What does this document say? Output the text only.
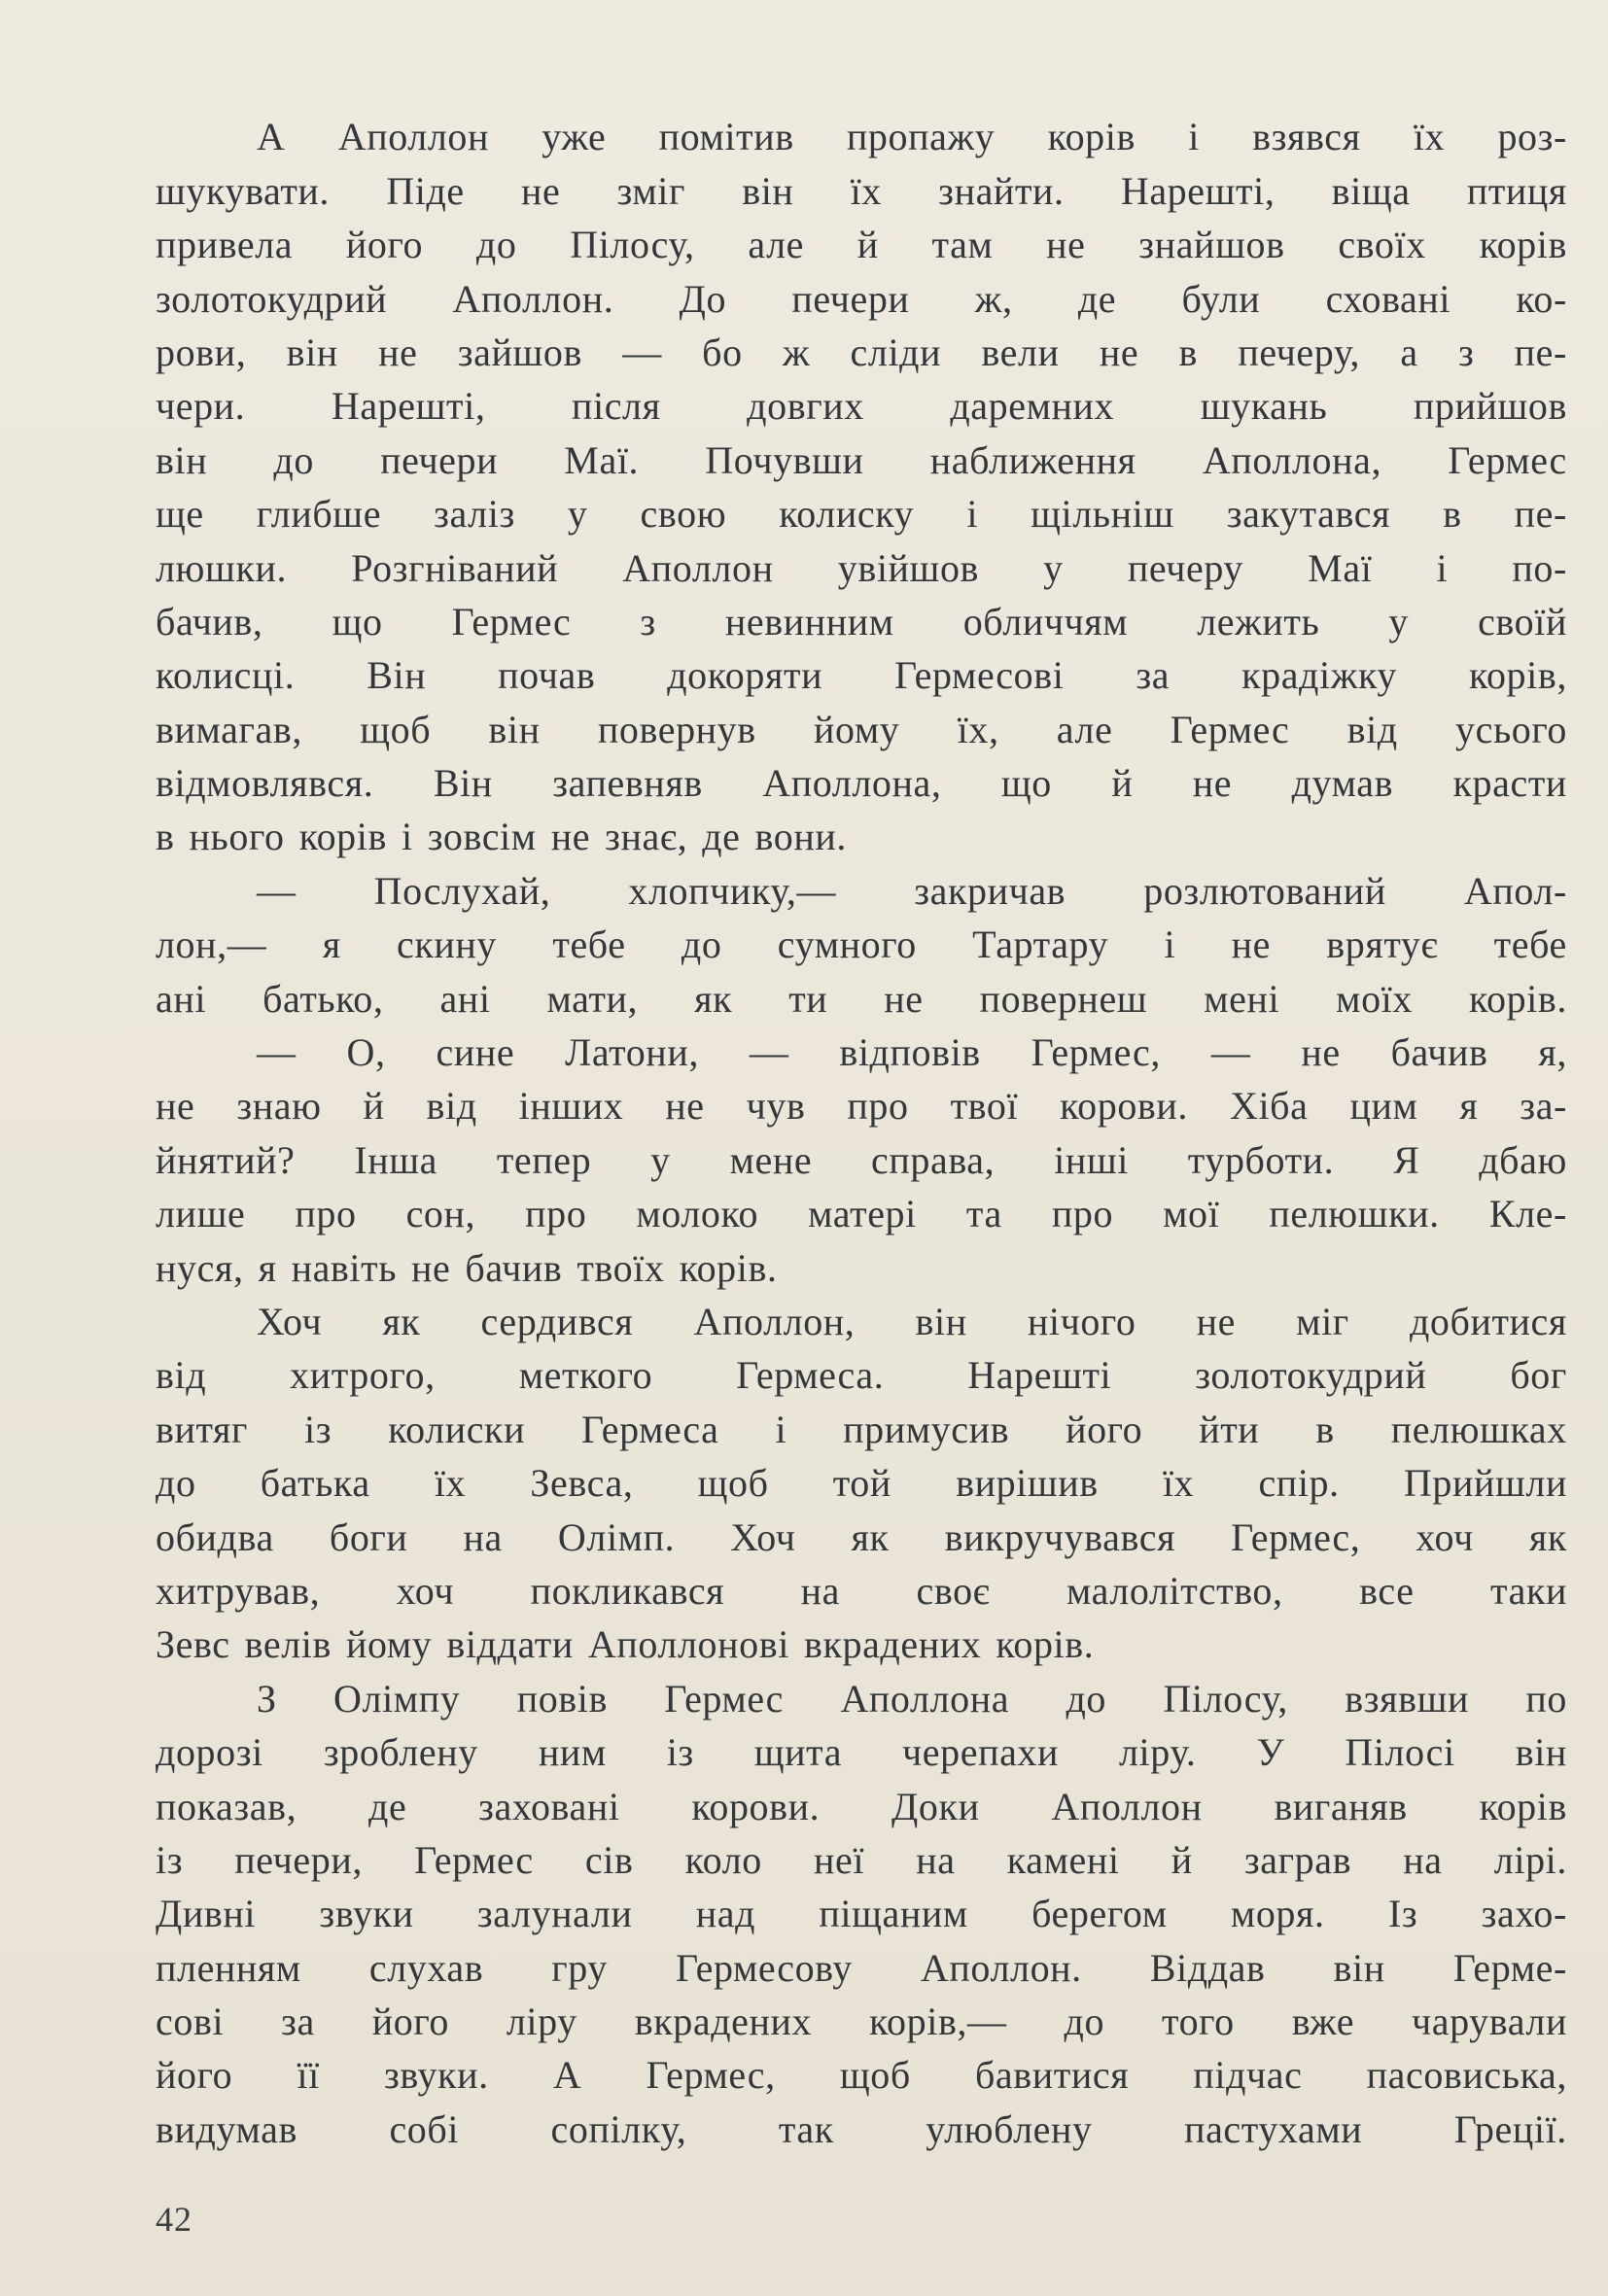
А Аполлон уже помітив пропажу корів і взявся їх роз-
шукувати. Піде не зміг він їх знайти. Нарешті, віща птиця
привела його до Пілосу, але й там не знайшов своїх корів
золотокудрий Аполлон. До печери ж, де були сховані ко-
рови, він не зайшов — бо ж сліди вели не в печеру, а з пе-
чери. Нарешті, після довгих даремних шукань прийшов
він до печери Маї. Почувши наближення Аполлона, Гермес
ще глибше заліз у свою колиску і щільніш закутався в пе-
люшки. Розгніваний Аполлон увійшов у печеру Маї і по-
бачив, що Гермес з невинним обличчям лежить у своїй
колисці. Він почав докоряти Гермесові за крадіжку корів,
вимагав, щоб він повернув йому їх, але Гермес від усього
відмовлявся. Він запевняв Аполлона, що й не думав красти
в нього корів і зовсім не знає, де вони.
— Послухай, хлопчику,— закричав розлютований Апол-
лон,— я скину тебе до сумного Тартару і не врятує тебе
ані батько, ані мати, як ти не повернеш мені моїх корів.
— О, сине Латони, — відповів Гермес, — не бачив я,
не знаю й від інших не чув про твої корови. Хіба цим я за-
йнятий? Інша тепер у мене справа, інші турботи. Я дбаю
лише про сон, про молоко матері та про мої пелюшки. Кле-
нуся, я навіть не бачив твоїх корів.
Хоч як сердився Аполлон, він нічого не міг добитися
від хитрого, меткого Гермеса. Нарешті золотокудрий бог
витяг із колиски Гермеса і примусив його йти в пелюшках
до батька їх Зевса, щоб той вирішив їх спір. Прийшли
обидва боги на Олімп. Хоч як викручувався Гермес, хоч як
хитрував, хоч покликався на своє малолітство, все таки
Зевс велів йому віддати Аполлонові вкрадених корів.
З Олімпу повів Гермес Аполлона до Пілосу, взявши по
дорозі зроблену ним із щита черепахи ліру. У Пілосі він
показав, де заховані корови. Доки Аполлон виганяв корів
із печери, Гермес сів коло неї на камені й заграв на лірі.
Дивні звуки залунали над піщаним берегом моря. Із захо-
пленням слухав гру Гермесову Аполлон. Віддав він Герме-
сові за його ліру вкрадених корів,— до того вже чарували
його її звуки. А Гермес, щоб бавитися підчас пасовиська,
видумав собі сопілку, так улюблену пастухами Греції.
42
